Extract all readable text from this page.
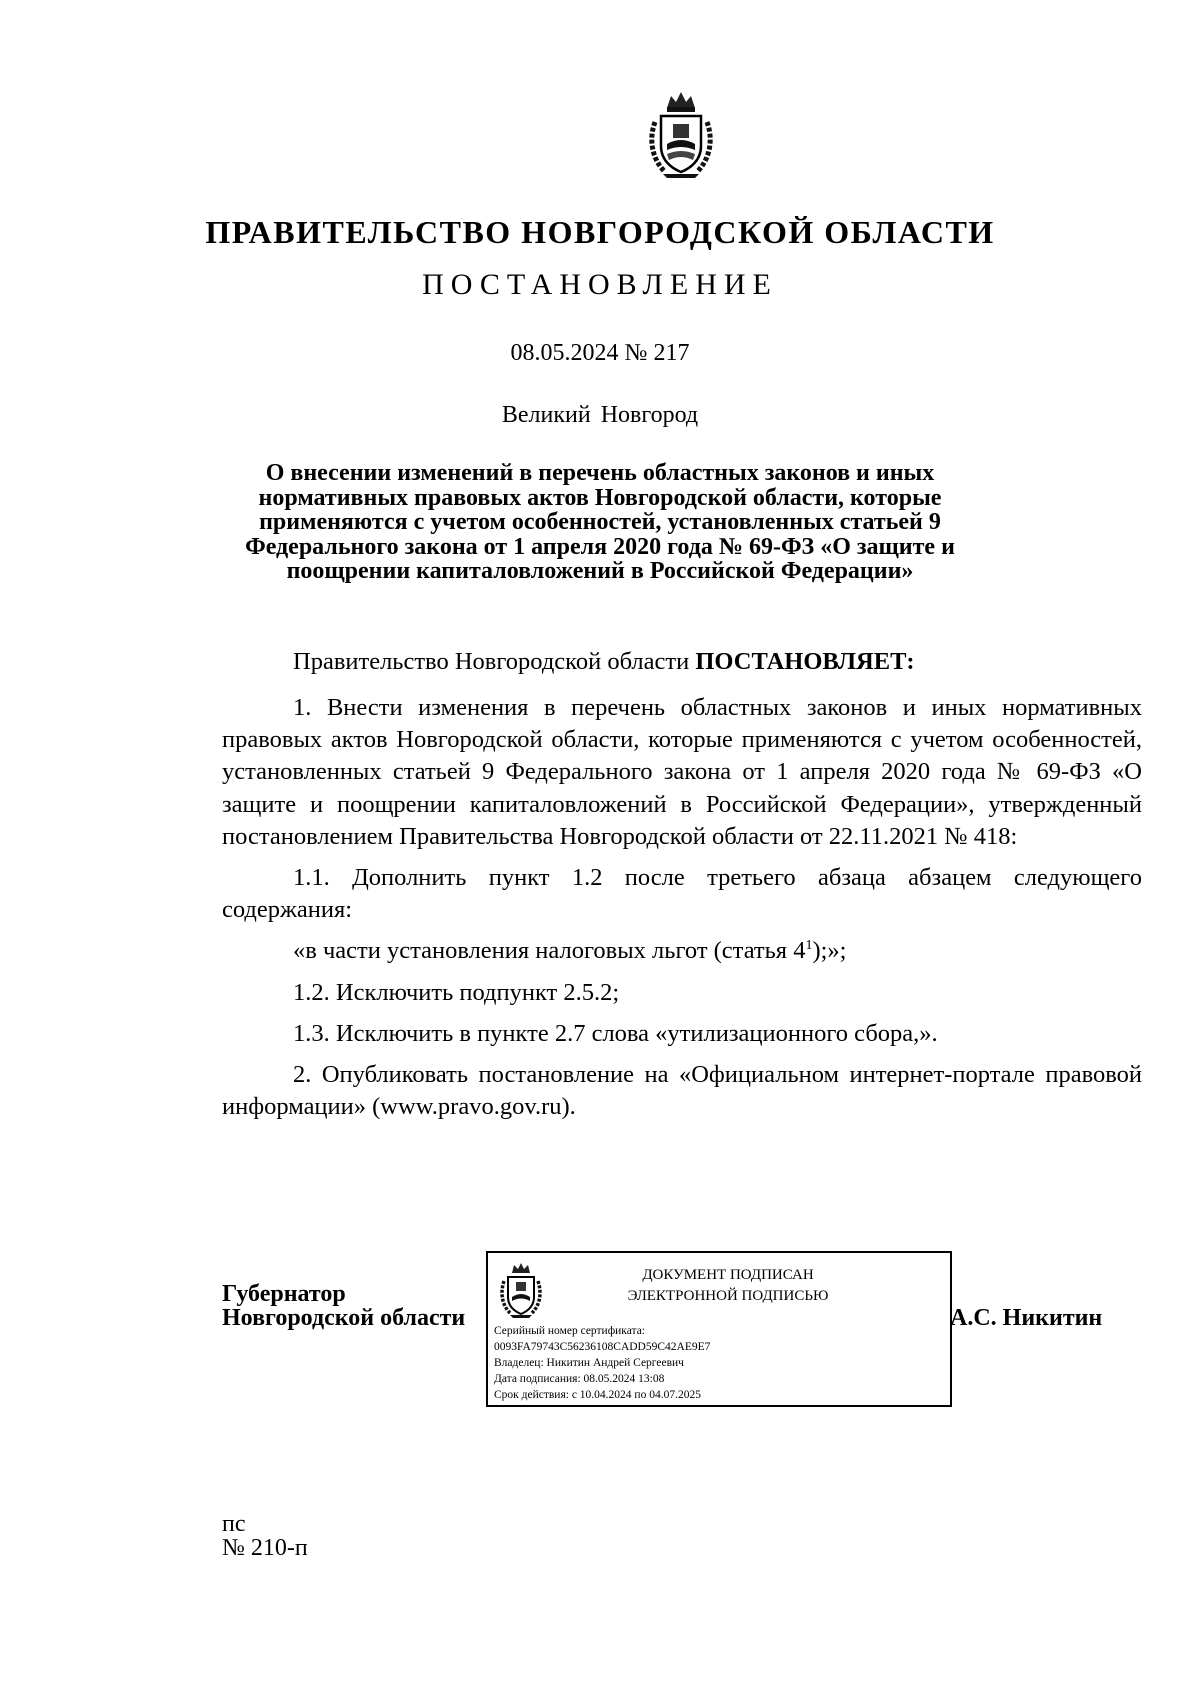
ПРАВИТЕЛЬСТВО НОВГОРОДСКОЙ ОБЛАСТИ
ПОСТАНОВЛЕНИЕ
08.05.2024 № 217
Великий Новгород
О внесении изменений в перечень областных законов и иных
нормативных правовых актов Новгородской области, которые
применяются с учетом особенностей, установленных статьей 9
Федерального закона от 1 апреля 2020 года № 69-ФЗ «О защите и
поощрении капиталовложений в Российской Федерации»

Правительство Новгородской области ПОСТАНОВЛЯЕТ:

1. Внести изменения в перечень областных законов и иных нормативных правовых актов Новгородской области, которые применяются с учетом особенностей, установленных статьей 9 Федерального закона от 1 апреля 2020 года № 69-ФЗ «О защите и поощрении капиталовложений в Российской Федерации», утвержденный постановлением Правительства Новгородской области от 22.11.2021 № 418:

1.1. Дополнить пункт 1.2 после третьего абзаца абзацем следующего содержания:

«в части установления налоговых льгот (статья $4^1$);»;

1.2. Исключить подпункт 2.5.2;

1.3. Исключить в пункте 2.7 слова «утилизационного сбора,».

2. Опубликовать постановление на «Официальном интернет-портале правовой информации» (www.pravo.gov.ru).

Губернатор
Новгородской области
ДОКУМЕНТ ПОДПИСАН
ЭЛЕКТРОННОЙ ПОДПИСЬЮ
Серийный номер сертификата:
0093FA79743C56236108CADD59C42AE9E7
Владелец: Никитин Андрей Сергеевич
Дата подписания: 08.05.2024 13:08
Срок действия: с 10.04.2024 по 04.07.2025
А.С. Никитин
пс
№ 210-п
